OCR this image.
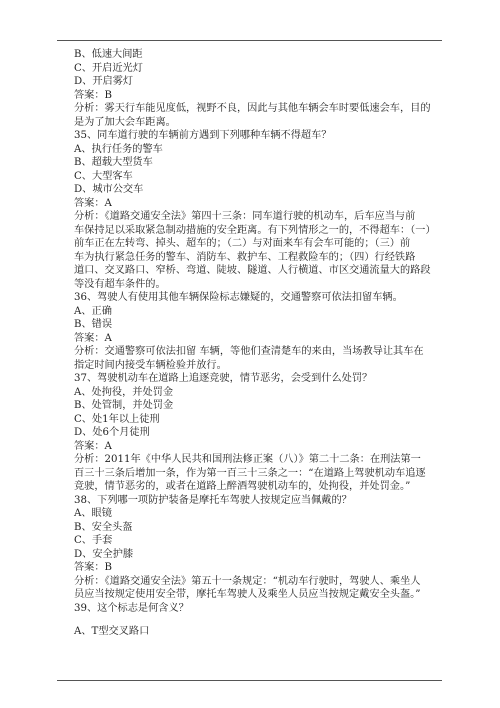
B、低速大间距
C、开启近光灯
D、开启雾灯
答案：B
分析：雾天行车能见度低，视野不良，因此与其他车辆会车时要低速会车，目的
是为了加大会车距离。
35、同车道行驶的车辆前方遇到下列哪种车辆不得超车？
A、执行任务的警车
B、超载大型货车
C、大型客车
D、城市公交车
答案：A
分析：《道路交通安全法》第四十三条：同车道行驶的机动车，后车应当与前
车保持足以采取紧急制动措施的安全距离。有下列情形之一的，不得超车：（一）
前车正在左转弯、掉头、超车的；（二）与对面来车有会车可能的；（三）前
车为执行紧急任务的警车、消防车、救护车、工程救险车的；（四）行经铁路
道口、交叉路口、窄桥、弯道、陡坡、隧道、人行横道、市区交通流量大的路段
等没有超车条件的。
36、驾驶人有使用其他车辆保险标志嫌疑的，交通警察可依法扣留车辆。
A、正确
B、错误
答案：A
分析：交通警察可依法扣留 车辆，等他们查清楚车的来由，当场教导让其车在
指定时间内接受车辆检验并放行。
37、驾驶机动车在道路上追逐竞驶，情节恶劣，会受到什么处罚？
A、处拘役，并处罚金
B、处管制，并处罚金
C、处1年以上徒刑
D、处6个月徒刑
答案：A
分析：2011年《中华人民共和国刑法修正案（八）》第二十二条：在刑法第一
百三十三条后增加一条，作为第一百三十三条之一：“在道路上驾驶机动车追逐
竞驶，情节恶劣的，或者在道路上醉酒驾驶机动车的，处拘役，并处罚金。”
38、下列哪一项防护装备是摩托车驾驶人按规定应当佩戴的？
A、眼镜
B、安全头盔
C、手套
D、安全护膝
答案：B
分析：《道路交通安全法》第五十一条规定：“机动车行驶时，驾驶人、乘坐人
员应当按规定使用安全带，摩托车驾驶人及乘坐人员应当按规定戴安全头盔。”
39、这个标志是何含义？
A、T型交叉路口
